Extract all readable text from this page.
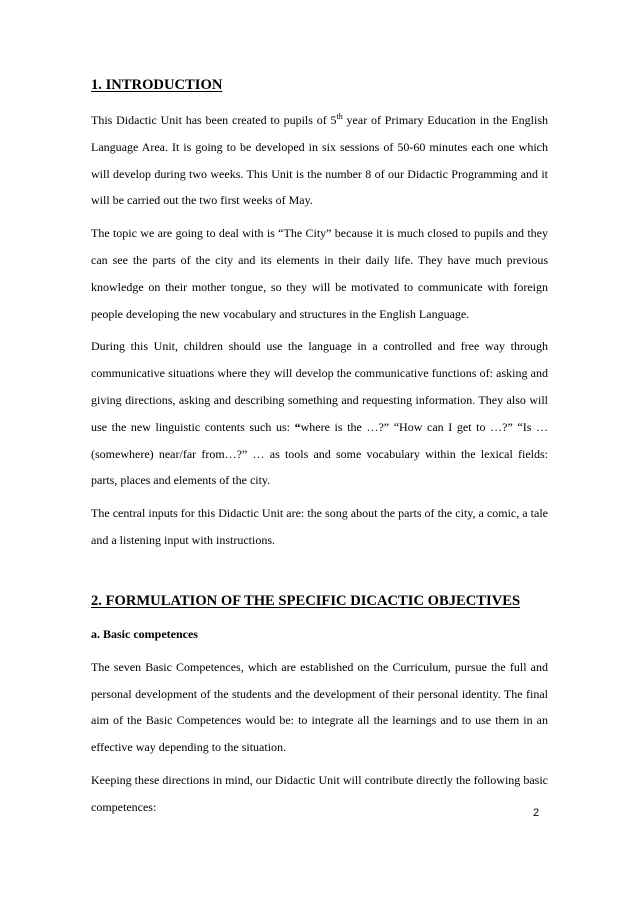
1. INTRODUCTION

This Didactic Unit has been created to pupils of 5th year of Primary Education in the English Language Area. It is going to be developed in six sessions of 50-60 minutes each one which will develop during two weeks. This Unit is the number 8 of our Didactic Programming and it will be carried out the two first weeks of May.

The topic we are going to deal with is “The City” because it is much closed to pupils and they can see the parts of the city and its elements in their daily life. They have much previous knowledge on their mother tongue, so they will be motivated to communicate with foreign people developing the new vocabulary and structures in the English Language.

During this Unit, children should use the language in a controlled and free way through communicative situations where they will develop the communicative functions of: asking and giving directions, asking and describing something and requesting information. They also will use the new linguistic contents such us: “where is the …?” “How can I get to …?” “Is … (somewhere) near/far from…?” … as tools and some vocabulary within the lexical fields: parts, places and elements of the city.

The central inputs for this Didactic Unit are: the song about the parts of the city, a comic, a tale and a listening input with instructions.

2. FORMULATION OF THE SPECIFIC DICACTIC OBJECTIVES
a. Basic competences

The seven Basic Competences, which are established on the Curriculum, pursue the full and personal development of the students and the development of their personal identity. The final aim of the Basic Competences would be: to integrate all the learnings and to use them in an effective way depending to the situation.

Keeping these directions in mind, our Didactic Unit will contribute directly the following basic competences:	2
